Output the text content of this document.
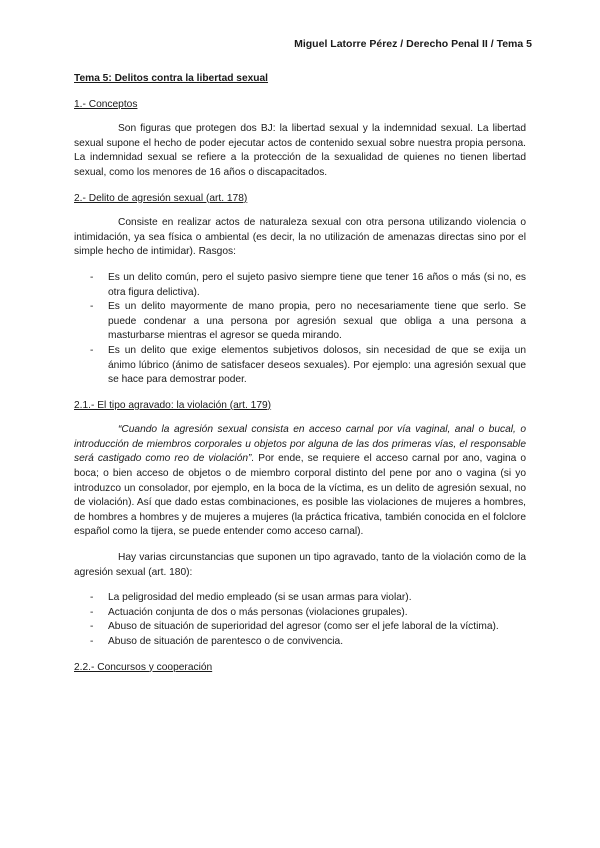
Miguel Latorre Pérez / Derecho Penal II / Tema 5
Tema 5: Delitos contra la libertad sexual
1.- Conceptos

Son figuras que protegen dos BJ: la libertad sexual y la indemnidad sexual. La libertad sexual supone el hecho de poder ejecutar actos de contenido sexual sobre nuestra propia persona. La indemnidad sexual se refiere a la protección de la sexualidad de quienes no tienen libertad sexual, como los menores de 16 años o discapacitados.

2.- Delito de agresión sexual (art. 178)

Consiste en realizar actos de naturaleza sexual con otra persona utilizando violencia o intimidación, ya sea física o ambiental (es decir, la no utilización de amenazas directas sino por el simple hecho de intimidar). Rasgos:

- Es un delito común, pero el sujeto pasivo siempre tiene que tener 16 años o más (si no, es otra figura delictiva).
- Es un delito mayormente de mano propia, pero no necesariamente tiene que serlo. Se puede condenar a una persona por agresión sexual que obliga a una persona a masturbarse mientras el agresor se queda mirando.
- Es un delito que exige elementos subjetivos dolosos, sin necesidad de que se exija un ánimo lúbrico (ánimo de satisfacer deseos sexuales). Por ejemplo: una agresión sexual que se hace para demostrar poder.
2.1.- El tipo agravado: la violación (art. 179)

“Cuando la agresión sexual consista en acceso carnal por vía vaginal, anal o bucal, o introducción de miembros corporales u objetos por alguna de las dos primeras vías, el responsable será castigado como reo de violación”. Por ende, se requiere el acceso carnal por ano, vagina o boca; o bien acceso de objetos o de miembro corporal distinto del pene por ano o vagina (si yo introduzco un consolador, por ejemplo, en la boca de la víctima, es un delito de agresión sexual, no de violación). Así que dado estas combinaciones, es posible las violaciones de mujeres a hombres, de hombres a hombres y de mujeres a mujeres (la práctica fricativa, también conocida en el folclore español como la tijera, se puede entender como acceso carnal).

Hay varias circunstancias que suponen un tipo agravado, tanto de la violación como de la agresión sexual (art. 180):

- La peligrosidad del medio empleado (si se usan armas para violar).
- Actuación conjunta de dos o más personas (violaciones grupales).
- Abuso de situación de superioridad del agresor (como ser el jefe laboral de la víctima).
- Abuso de situación de parentesco o de convivencia.
2.2.- Concursos y cooperación
